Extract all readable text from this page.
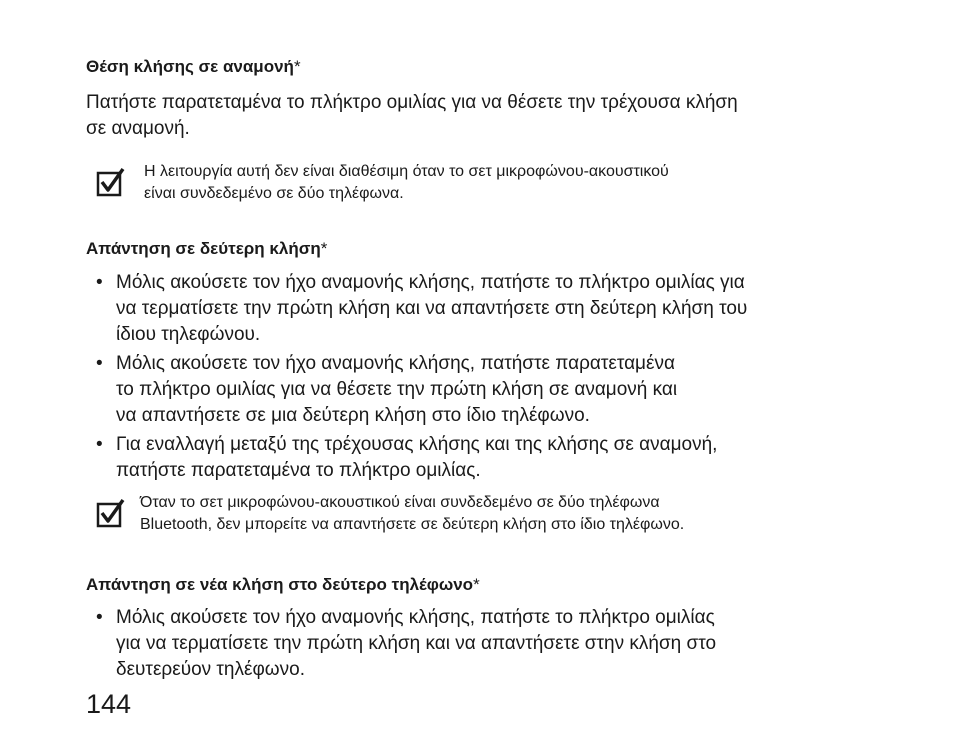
Θέση κλήσης σε αναμονή*
Πατήστε παρατεταμένα το πλήκτρο ομιλίας για να θέσετε την τρέχουσα κλήση
σε αναμονή.
Η λειτουργία αυτή δεν είναι διαθέσιμη όταν το σετ μικροφώνου-ακουστικού
είναι συνδεδεμένο σε δύο τηλέφωνα.
Απάντηση σε δεύτερη κλήση*
• Μόλις ακούσετε τον ήχο αναμονής κλήσης, πατήστε το πλήκτρο ομιλίας για
να τερματίσετε την πρώτη κλήση και να απαντήσετε στη δεύτερη κλήση του
ίδιου τηλεφώνου.
• Μόλις ακούσετε τον ήχο αναμονής κλήσης, πατήστε παρατεταμένα
το πλήκτρο ομιλίας για να θέσετε την πρώτη κλήση σε αναμονή και
να απαντήσετε σε μια δεύτερη κλήση στο ίδιο τηλέφωνο.
• Για εναλλαγή μεταξύ της τρέχουσας κλήσης και της κλήσης σε αναμονή,
πατήστε παρατεταμένα το πλήκτρο ομιλίας.
Όταν το σετ μικροφώνου-ακουστικού είναι συνδεδεμένο σε δύο τηλέφωνα
Bluetooth, δεν μπορείτε να απαντήσετε σε δεύτερη κλήση στο ίδιο τηλέφωνο.
Απάντηση σε νέα κλήση στο δεύτερο τηλέφωνο*
• Μόλις ακούσετε τον ήχο αναμονής κλήσης, πατήστε το πλήκτρο ομιλίας
για να τερματίσετε την πρώτη κλήση και να απαντήσετε στην κλήση στο
δευτερεύον τηλέφωνο.
144
